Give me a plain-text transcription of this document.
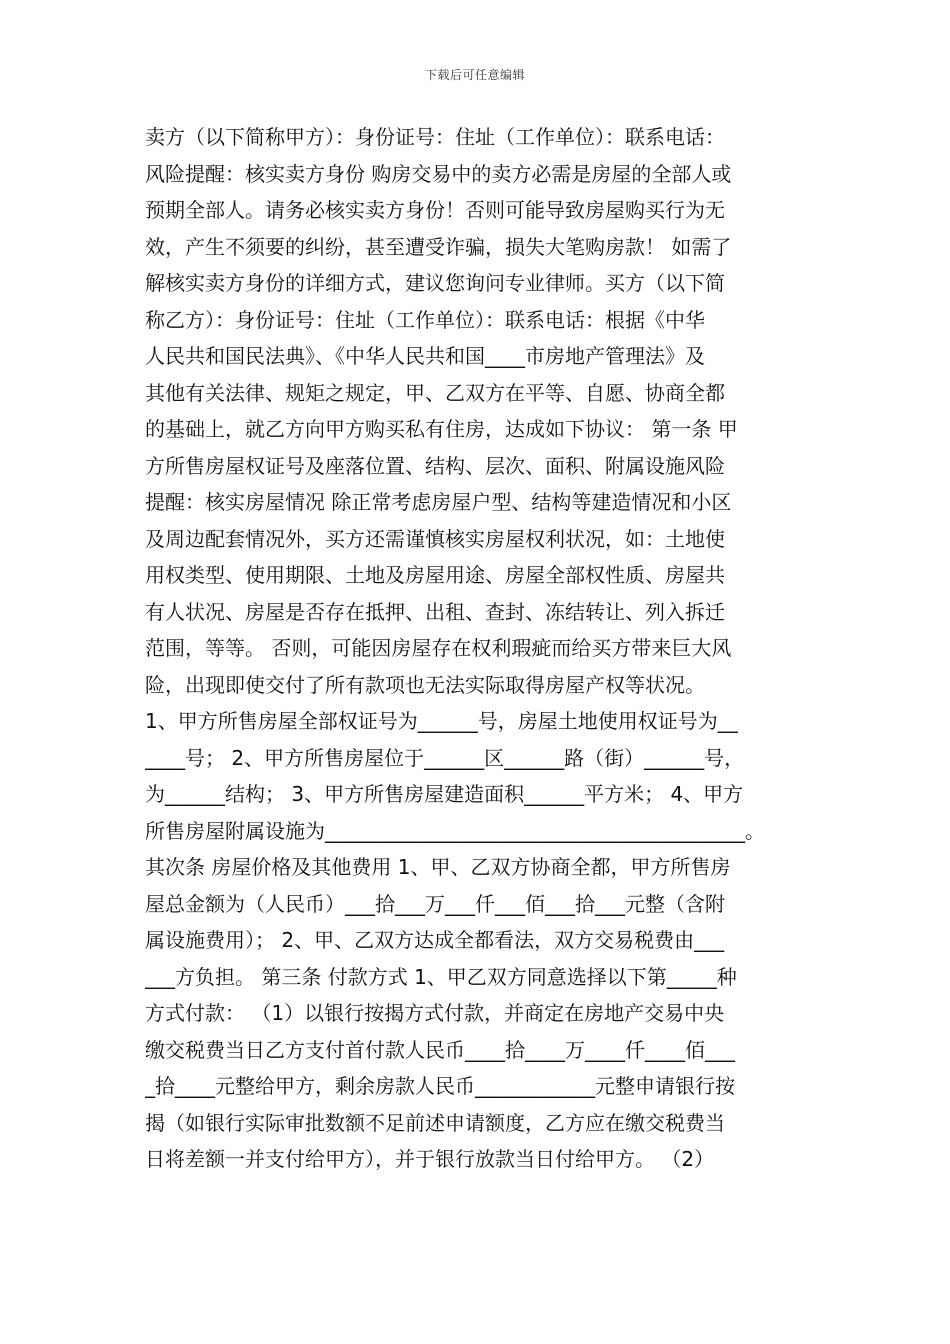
下载后可任意编辑
卖方（以下简称甲方）：身份证号：住址（工作单位）：联系电话：
风险提醒：核实卖方身份 购房交易中的卖方必需是房屋的全部人或
预期全部人。请务必核实卖方身份！否则可能导致房屋购买行为无
效，产生不须要的纠纷，甚至遭受诈骗，损失大笔购房款！ 如需了
解核实卖方身份的详细方式，建议您询问专业律师。买方（以下简
称乙方）：身份证号：住址（工作单位）：联系电话：根据《中华
人民共和国民法典》、《中华人民共和国____市房地产管理法》及
其他有关法律、规矩之规定，甲、乙双方在平等、自愿、协商全都
的基础上，就乙方向甲方购买私有住房，达成如下协议： 第一条 甲
方所售房屋权证号及座落位置、结构、层次、面积、附属设施风险
提醒：核实房屋情况 除正常考虑房屋户型、结构等建造情况和小区
及周边配套情况外，买方还需谨慎核实房屋权利状况，如：土地使
用权类型、使用期限、土地及房屋用途、房屋全部权性质、房屋共
有人状况、房屋是否存在抵押、出租、查封、冻结转让、列入拆迁
范围，等等。 否则，可能因房屋存在权利瑕疵而给买方带来巨大风
险，出现即使交付了所有款项也无法实际取得房屋产权等状况。
1、甲方所售房屋全部权证号为______号，房屋土地使用权证号为__
____号； 2、甲方所售房屋位于______区______路（街）______号，
为______结构； 3、甲方所售房屋建造面积______平方米； 4、甲方
所售房屋附属设施为__________________________________________。
其次条 房屋价格及其他费用 1、甲、乙双方协商全都，甲方所售房
屋总金额为（人民币）___拾___万___仟___佰___拾___元整（含附
属设施费用）； 2、甲、乙双方达成全都看法，双方交易税费由___
___方负担。 第三条 付款方式 1、甲乙双方同意选择以下第_____种
方式付款： （1）以银行按揭方式付款，并商定在房地产交易中央
缴交税费当日乙方支付首付款人民币____拾____万____仟____佰___
_拾____元整给甲方，剩余房款人民币____________元整申请银行按
揭（如银行实际审批数额不足前述申请额度，乙方应在缴交税费当
日将差额一并支付给甲方），并于银行放款当日付给甲方。 （2）
